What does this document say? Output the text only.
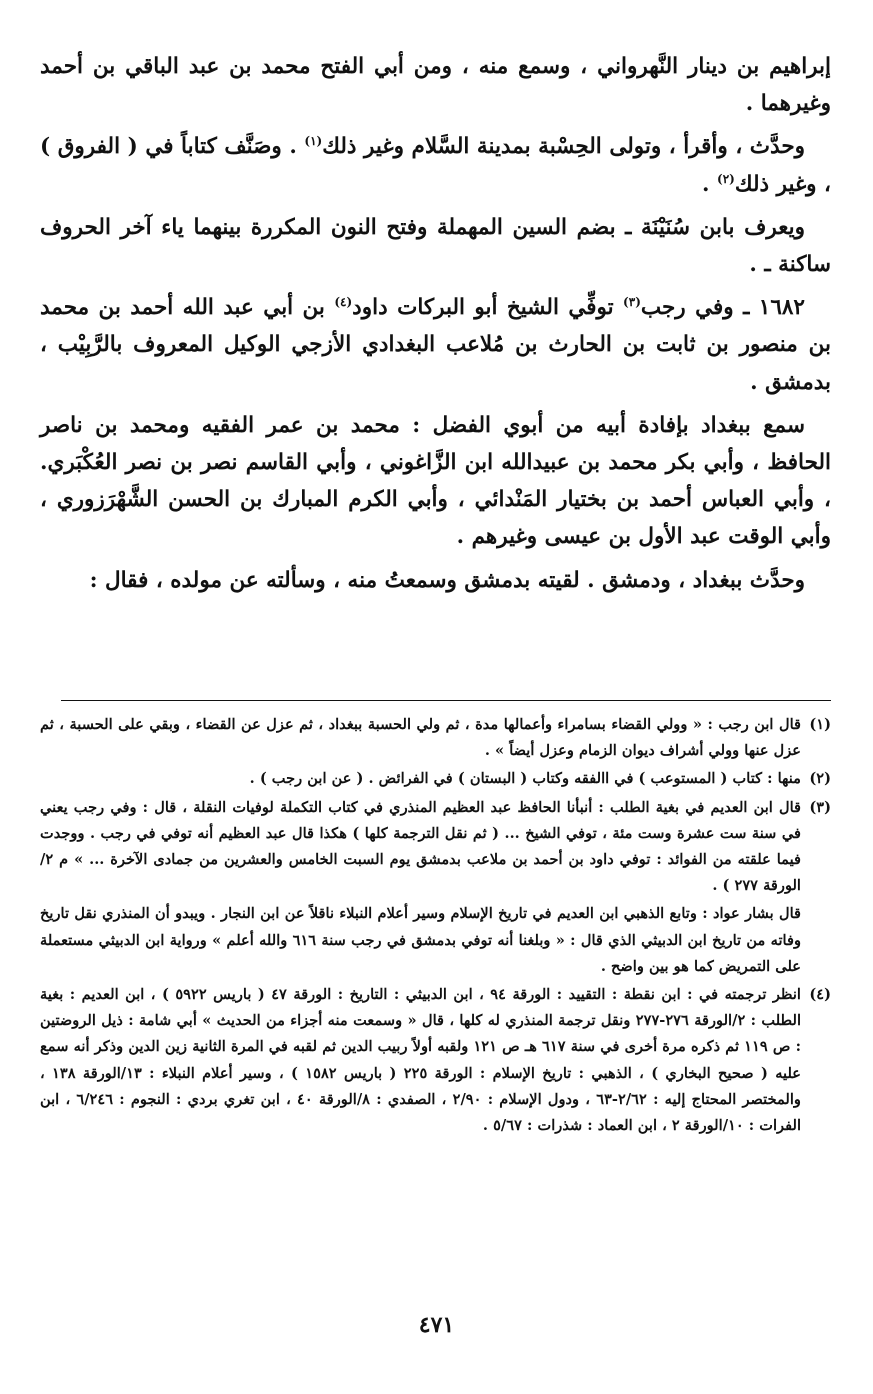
إبراهيم بن دينار النَّهرواني ، وسمع منه ، ومن أبي الفتح محمد بن عبد الباقي بن أحمد وغيرهما .

وحدَّث ، وأقرأ ، وتولى الحِسْبة بمدينة السَّلام وغير ذلك$^{(١)}$ . وصَنَّف كتاباً في ( الفروق ) ، وغير ذلك$^{(٢)}$ .

ويعرف بابن سُنَيْنَة ـ بضم السين المهملة وفتح النون المكررة بينهما ياء آخر الحروف ساكنة ـ .

١٦٨٢ ـ وفي رجب$^{(٣)}$ توفِّي الشيخ أبو البركات داود$^{(٤)}$ بن أبي عبد الله أحمد بن محمد بن منصور بن ثابت بن الحارث بن مُلاعب البغدادي الأزجي الوكيل المعروف بالرَّبِيْب ، بدمشق .

سمع ببغداد بإفادة أبيه من أبوي الفضل : محمد بن عمر الفقيه ومحمد بن ناصر الحافظ ، وأبي بكر محمد بن عبيدالله ابن الزَّاغوني ، وأبي القاسم نصر بن نصر العُكْبَري. ، وأبي العباس أحمد بن بختيار المَنْدائي ، وأبي الكرم المبارك بن الحسن الشَّهْرَزوري ، وأبي الوقت عبد الأول بن عيسى وغيرهم .

وحدَّث ببغداد ، ودمشق . لقيته بدمشق وسمعتُ منه ، وسألته عن مولده ، فقال :

(١)
قال ابن رجب : « وولي القضاء بسامراء وأعمالها مدة ، ثم ولي الحسبة ببغداد ، ثم عزل عن القضاء ، وبقي على الحسبة ، ثم عزل عنها وولي أشراف ديوان الزمام وعزل أيضاً » .

(٢)
منها : كتاب ( المستوعب ) في االفقه وكتاب ( البستان ) في الفرائض . ( عن ابن رجب ) .

(٣)
قال ابن العديم في بغية الطلب : أنبأنا الحافظ عبد العظيم المنذري في كتاب التكملة لوفيات النقلة ، قال : وفي رجب يعني في سنة ست عشرة وست مئة ، توفي الشيخ ... ( ثم نقل الترجمة كلها ) هكذا قال عبد العظيم أنه توفي في رجب . ووجدت فيما علقته من الفوائد : توفي داود بن أحمد بن ملاعب بدمشق يوم السبت الخامس والعشرين من جمادى الآخرة ... » م ٢/الورقة ٢٧٧ ) .

قال بشار عواد : وتابع الذهبي ابن العديم في تاريخ الإسلام وسير أعلام النبلاء ناقلاً عن ابن النجار . ويبدو أن المنذري نقل تاريخ وفاته من تاريخ ابن الدبيثي الذي قال : « وبلغنا أنه توفي بدمشق في رجب سنة ٦١٦ والله أعلم » ورواية ابن الدبيثي مستعملة على التمريض كما هو بين واضح .

(٤)
انظر ترجمته في : ابن نقطة : التقييد : الورقة ٩٤ ، ابن الدبيثي : التاريخ : الورقة ٤٧ ( باريس ٥٩٢٢ ) ، ابن العديم : بغية الطلب : ٢/الورقة ٢٧٦-٢٧٧ ونقل ترجمة المنذري له كلها ، قال « وسمعت منه أجزاء من الحديث » أبي شامة : ذيل الروضتين : ص ١١٩ ثم ذكره مرة أخرى في سنة ٦١٧ هـ ص ١٢١ ولقبه أولاً ربيب الدين ثم لقبه في المرة الثانية زين الدين وذكر أنه سمع عليه ( صحيح البخاري ) ، الذهبي : تاريخ الإسلام : الورقة ٢٢٥ ( باريس ١٥٨٢ ) ، وسير أعلام النبلاء : ١٣/الورقة ١٣٨ ، والمختصر المحتاج إليه : ٢/٦٢-٦٣ ، ودول الإسلام : ٢/٩٠ ، الصفدي : ٨/الورقة ٤٠ ، ابن تغري بردي : النجوم : ٦/٢٤٦ ، ابن الفرات : ١٠/الورقة ٢ ، ابن العماد : شذرات : ٥/٦٧ .

٤٧١
